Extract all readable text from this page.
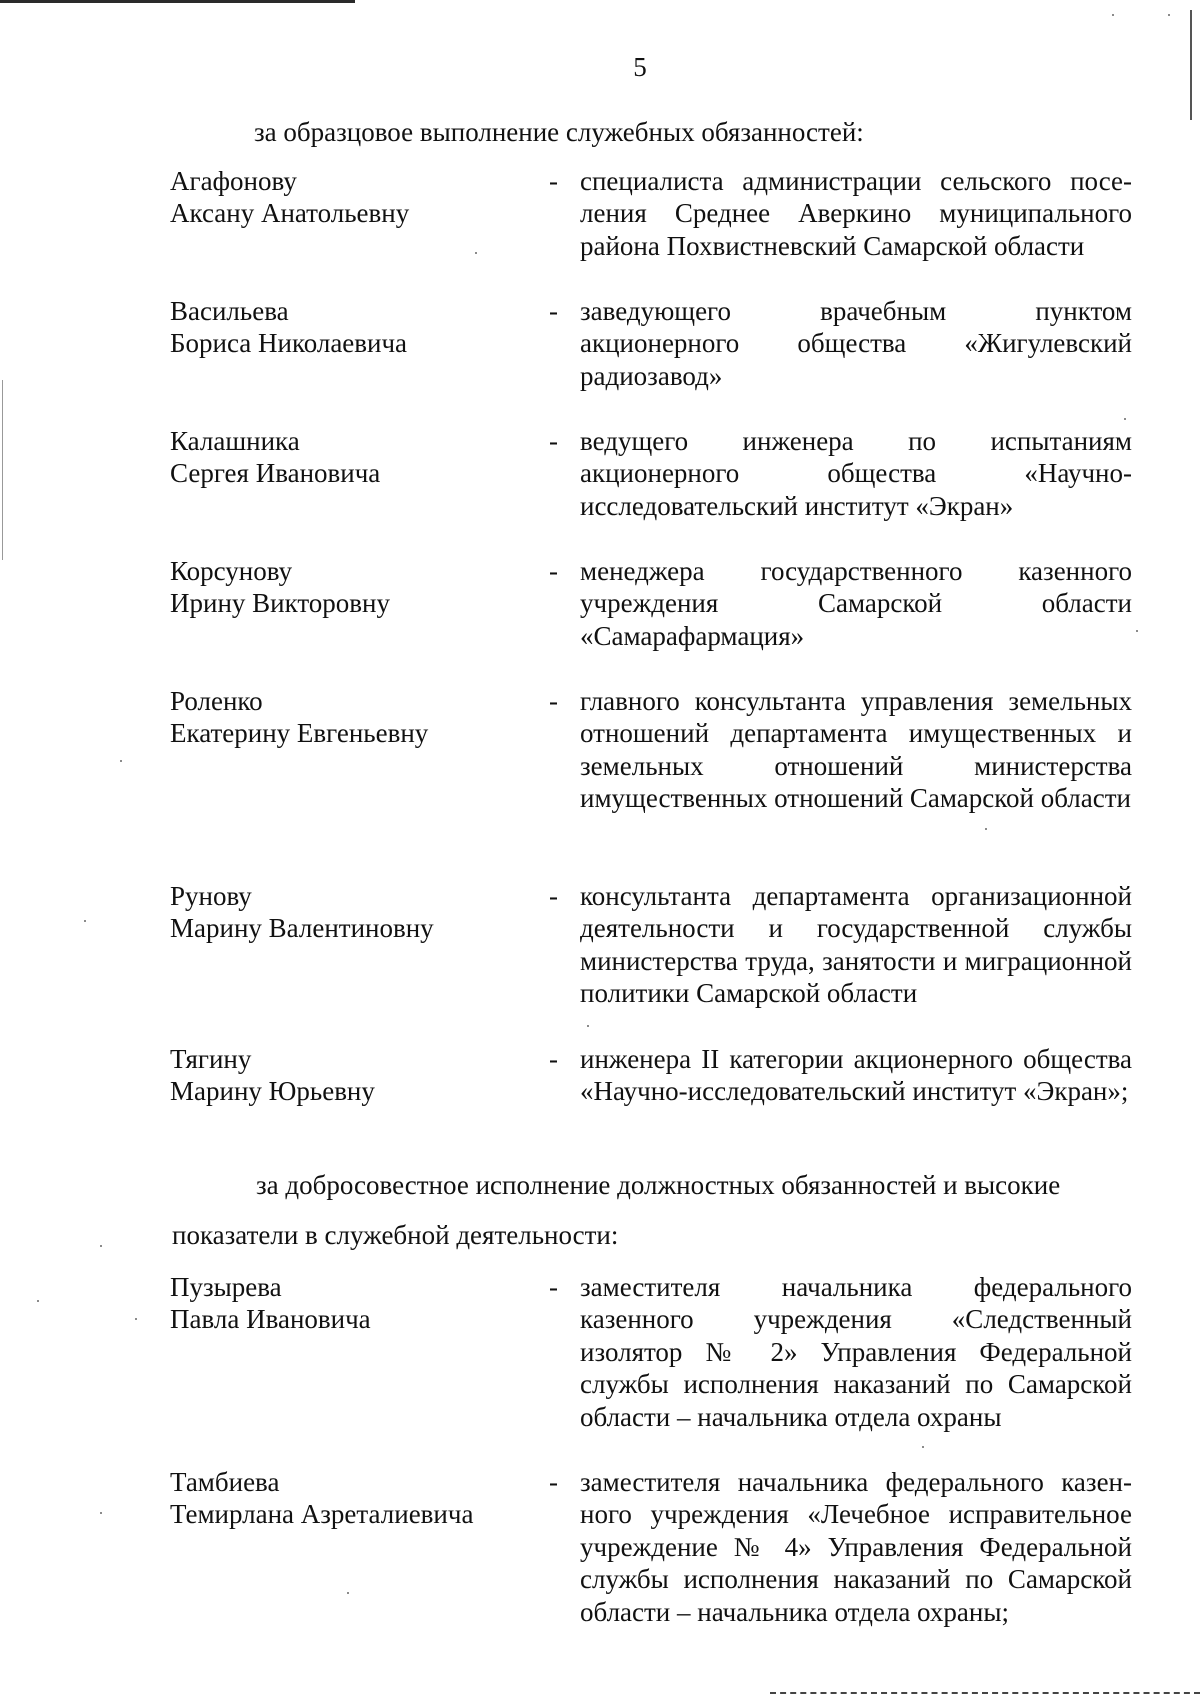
5
за образцовое выполнение служебных обязанностей:
Агафонову
Аксану Анатольевну
- специалиста администрации сельского поселения Среднее Аверкино муниципального района Похвистневский Самарской области
Васильева
Бориса Николаевича
- заведующего врачебным пунктом акционерного общества «Жигулевский радиозавод»
Калашника
Сергея Ивановича
- ведущего инженера по испытаниям акционерного общества «Научно-исследовательский институт «Экран»
Корсунову
Ирину Викторовну
- менеджера государственного казенного учреждения Самарской области «Самарафармация»
Роленко
Екатерину Евгеньевну
- главного консультанта управления земельных отношений департамента имущественных и земельных отношений министерства имущественных отношений Самарской области
Рунову
Марину Валентиновну
- консультанта департамента организационной деятельности и государственной службы министерства труда, занятости и миграционной политики Самарской области
Тягину
Марину Юрьевну
- инженера II категории акционерного общества «Научно-исследовательский институт «Экран»;
за добросовестное исполнение должностных обязанностей и высокие
показатели в служебной деятельности:
Пузырева
Павла Ивановича
- заместителя начальника федерального казенного учреждения «Следственный изолятор № 2» Управления Федеральной службы исполнения наказаний по Самарской области – начальника отдела охраны
Тамбиева
Темирлана Азреталиевича
- заместителя начальника федерального казенного учреждения «Лечебное исправительное учреждение № 4» Управления Федеральной службы исполнения наказаний по Самарской области – начальника отдела охраны;
